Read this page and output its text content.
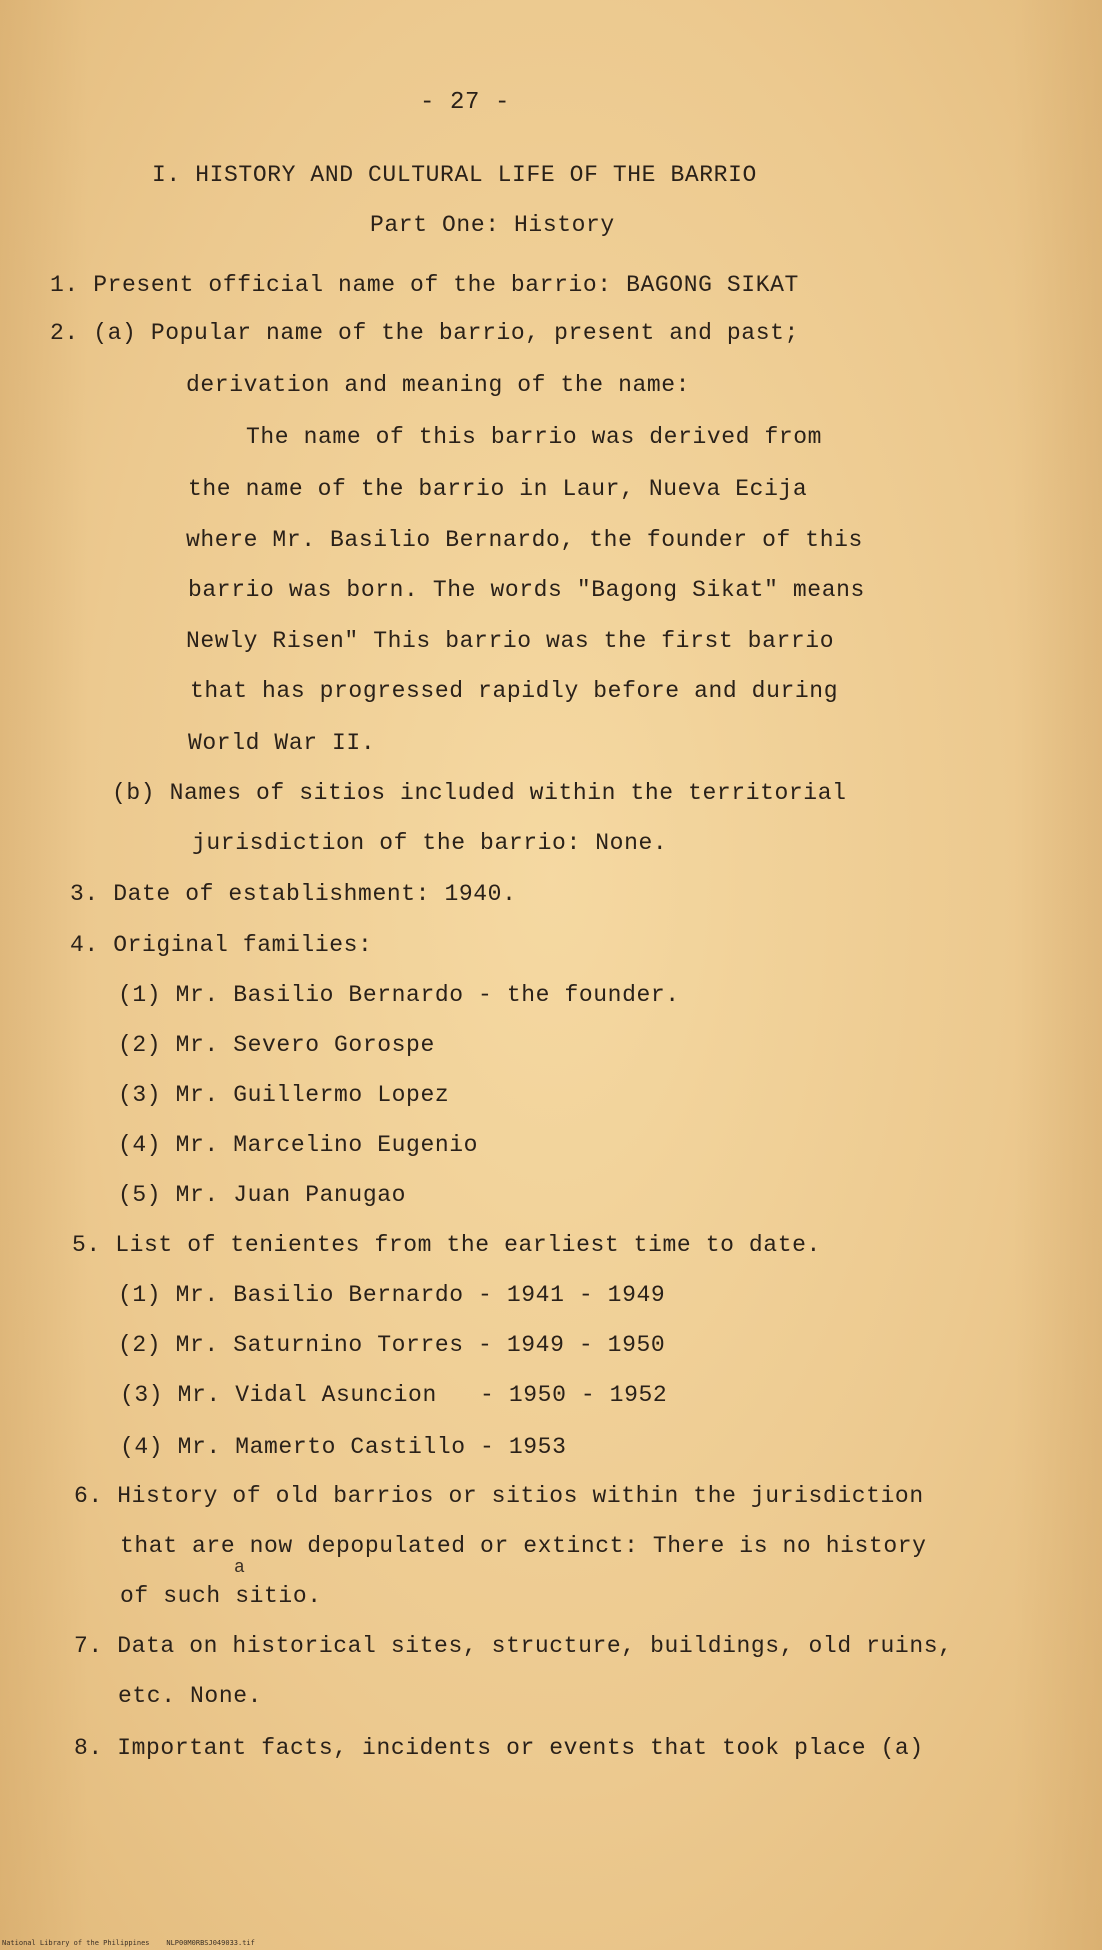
- 27 -
I. HISTORY AND CULTURAL LIFE OF THE BARRIO
Part One: History
1. Present official name of the barrio: BAGONG SIKAT
2. (a) Popular name of the barrio, present and past;
derivation and meaning of the name:
The name of this barrio was derived from
the name of the barrio in Laur, Nueva Ecija
where Mr. Basilio Bernardo, the founder of this
barrio was born. The words "Bagong Sikat" means
Newly Risen" This barrio was the first barrio
that has progressed rapidly before and during
World War II.
(b) Names of sitios included within the territorial
jurisdiction of the barrio: None.
3. Date of establishment: 1940.
4. Original families:
(1) Mr. Basilio Bernardo - the founder.
(2) Mr. Severo Gorospe
(3) Mr. Guillermo Lopez
(4) Mr. Marcelino Eugenio
(5) Mr. Juan Panugao
5. List of tenientes from the earliest time to date.
(1) Mr. Basilio Bernardo - 1941 - 1949
(2) Mr. Saturnino Torres - 1949 - 1950
(3) Mr. Vidal Asuncion   - 1950 - 1952
(4) Mr. Mamerto Castillo - 1953
6. History of old barrios or sitios within the jurisdiction
that are now depopulated or extinct: There is no history
a
of such sitio.
7. Data on historical sites, structure, buildings, old ruins,
etc. None.
8. Important facts, incidents or events that took place (a)
National Library of the Philippines    NLP00M0RBSJ049033.tif
